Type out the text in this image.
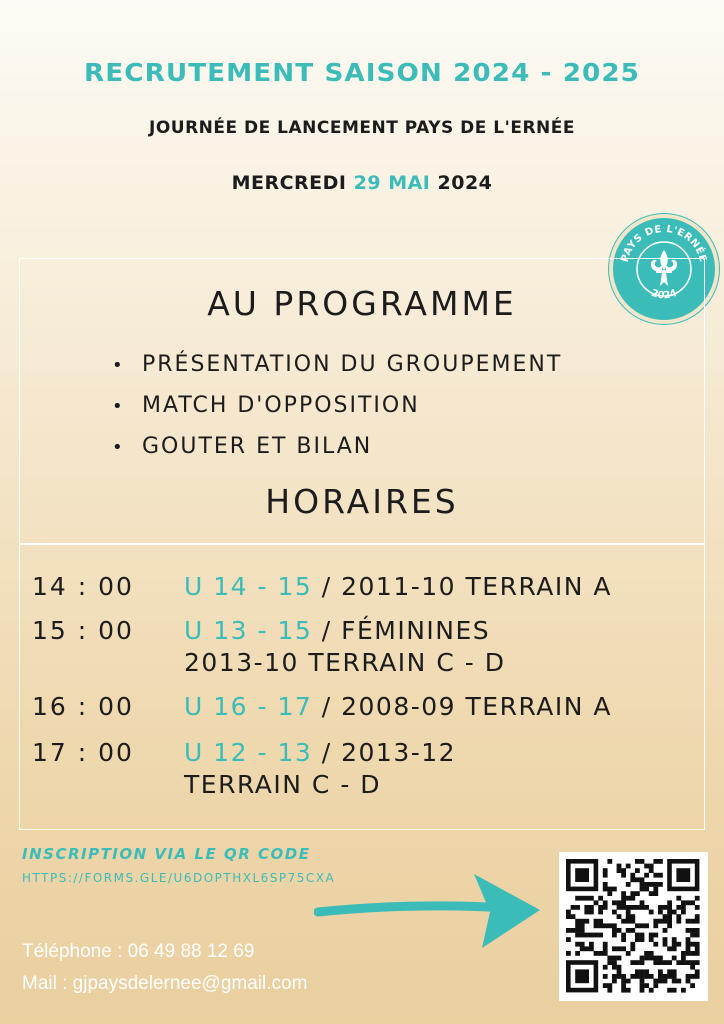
RECRUTEMENT SAISON 2024 - 2025
JOURNÉE DE LANCEMENT PAYS DE L'ERNÉE
MERCREDI 29 MAI 2024
PAYS DE L'ERNÉE
2024
AU PROGRAMME
• PRÉSENTATION DU GROUPEMENT
• MATCH D'OPPOSITION
• GOUTER ET BILAN
HORAIRES
14 : 00 U 14 - 15 / 2011-10 TERRAIN A
15 : 00 U 13 - 15 / FÉMININES
2013-10 TERRAIN C - D
16 : 00 U 16 - 17 / 2008-09 TERRAIN A
17 : 00 U 12 - 13 / 2013-12
TERRAIN C - D
INSCRIPTION VIA LE QR CODE
HTTPS://FORMS.GLE/U6DOPTHXL6SP75CXA
Téléphone : 06 49 88 12 69
Mail : gjpaysdelernee@gmail.com
